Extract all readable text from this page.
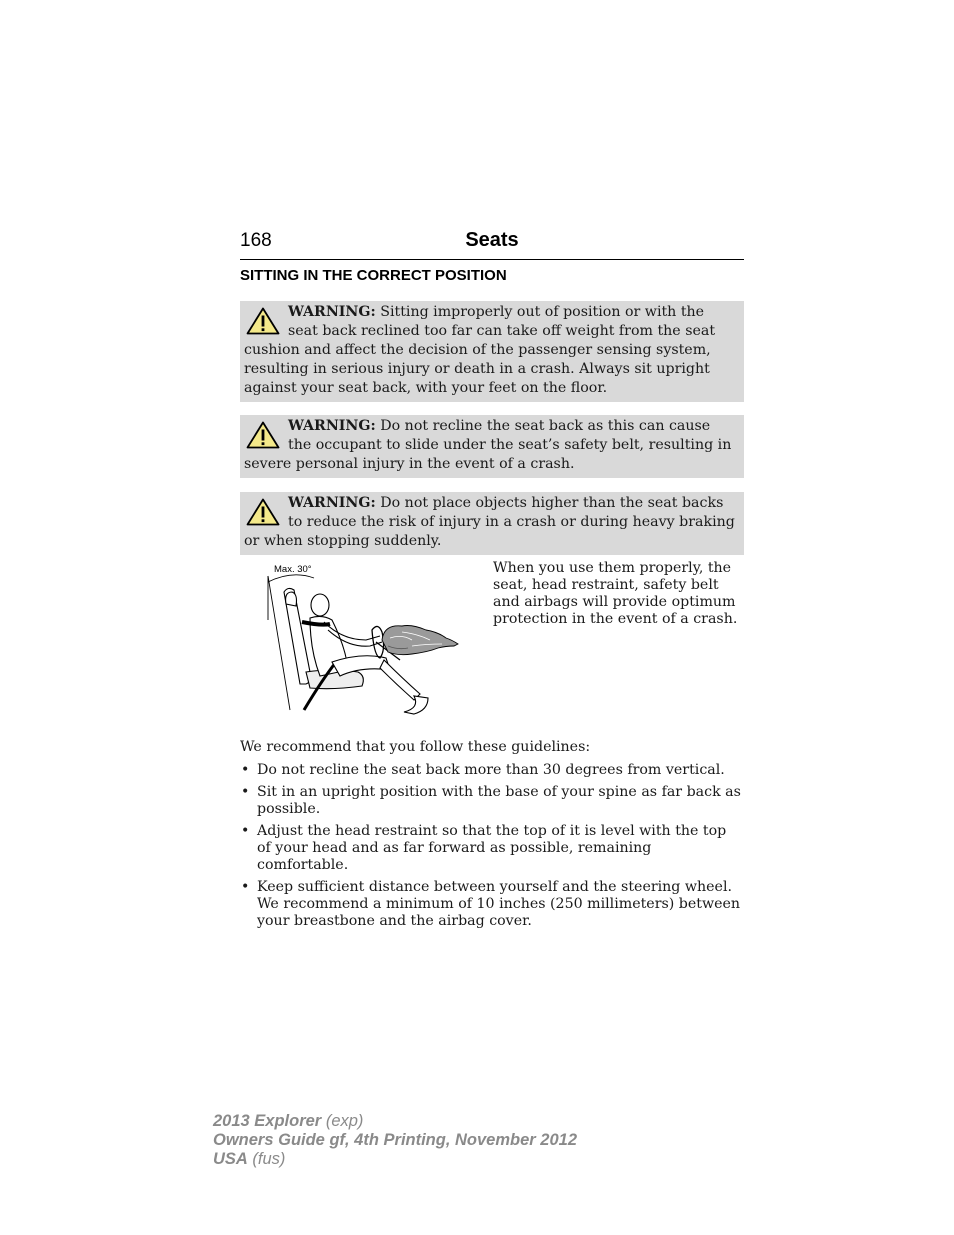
168	Seats
SITTING IN THE CORRECT POSITION
WARNING: Sitting improperly out of position or with the seat back reclined too far can take off weight from the seat cushion and affect the decision of the passenger sensing system, resulting in serious injury or death in a crash. Always sit upright against your seat back, with your feet on the floor.
WARNING: Do not recline the seat back as this can cause the occupant to slide under the seat’s safety belt, resulting in severe personal injury in the event of a crash.
WARNING: Do not place objects higher than the seat backs to reduce the risk of injury in a crash or during heavy braking or when stopping suddenly.
Max. 30°	When you use them properly, the seat, head restraint, safety belt and airbags will provide optimum protection in the event of a crash.
We recommend that you follow these guidelines:
• Do not recline the seat back more than 30 degrees from vertical.
• Sit in an upright position with the base of your spine as far back as possible.
• Adjust the head restraint so that the top of it is level with the top of your head and as far forward as possible, remaining comfortable.
• Keep sufficient distance between yourself and the steering wheel. We recommend a minimum of 10 inches (250 millimeters) between your breastbone and the airbag cover.
2013 Explorer (exp)
Owners Guide gf, 4th Printing, November 2012
USA (fus)
